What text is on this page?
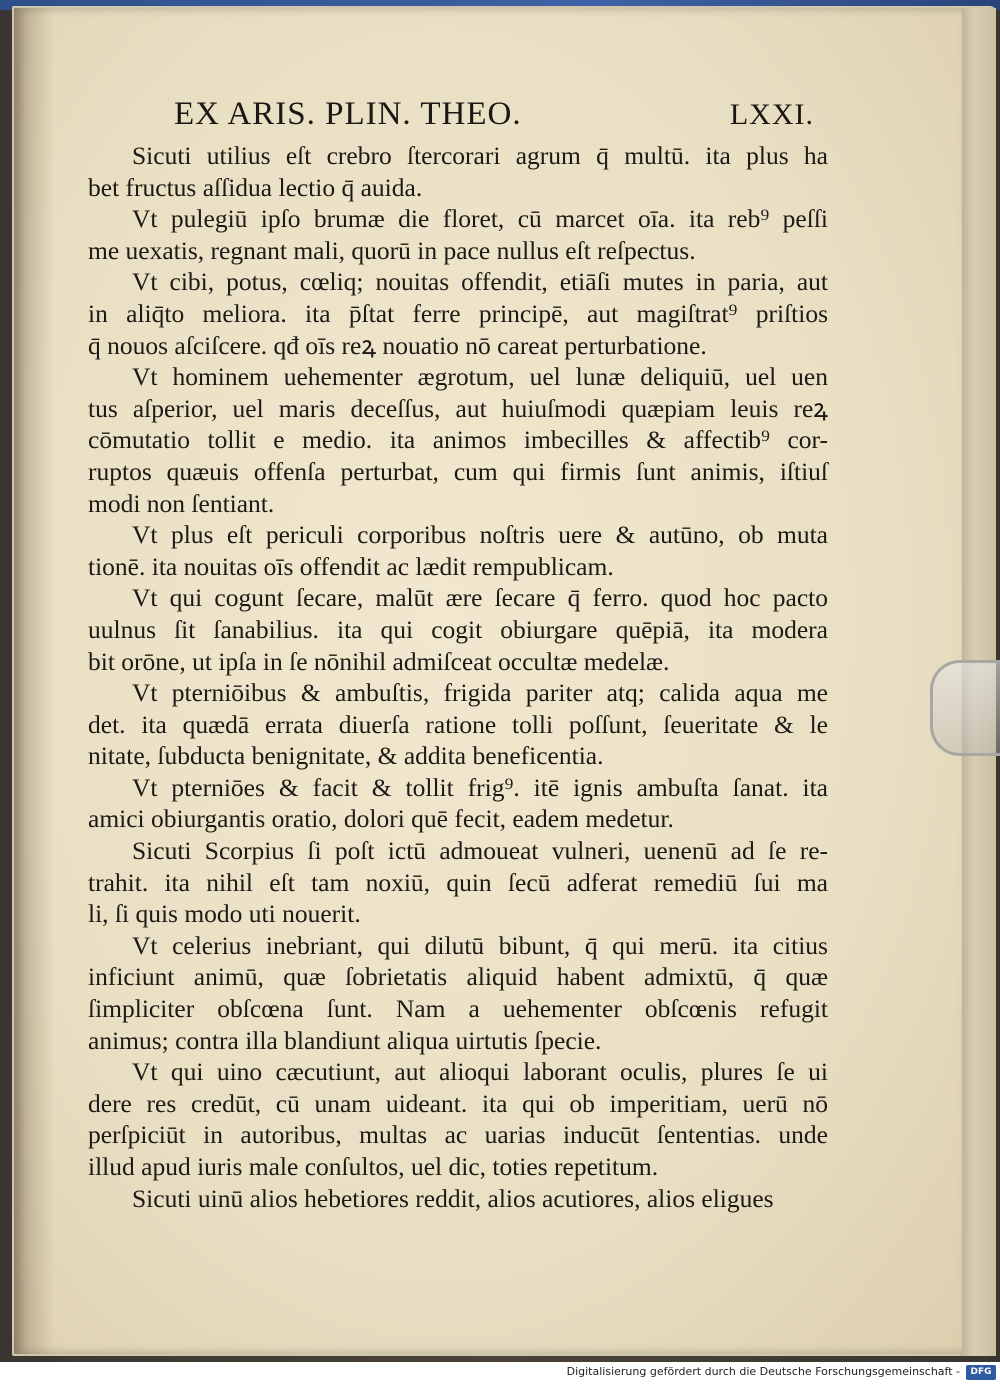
EX ARIS. PLIN. THEO.	LXXI.
Sicuti utilius eſt crebro ſtercorari agrum q̄ multū. ita plus ha
bet fructus aſſidua lectio q̄ auida.
Vt pulegiū ipſo brumæ die floret, cū marcet oīa. ita reb⁹ peſſi
me uexatis, regnant mali, quorū in pace nullus eſt reſpectus.
Vt cibi, potus, cœliq; nouitas offendit, etiāſi mutes in paria, aut
in aliq̄to meliora. ita p̄ſtat ferre principē, aut magiſtrat⁹ priſtios
q̄ nouos aſciſcere. qđ oīs reꝝ nouatio nō careat perturbatione.
Vt hominem uehementer ægrotum, uel lunæ deliquiū, uel uen
tus aſperior, uel maris deceſſus, aut huiuſmodi quæpiam leuis reꝝ
cōmutatio tollit e medio. ita animos imbecilles & affectib⁹ cor-
ruptos quæuis offenſa perturbat, cum qui firmis ſunt animis, iſtiuſ
modi non ſentiant.
Vt plus eſt periculi corporibus noſtris uere & autūno, ob muta
tionē. ita nouitas oīs offendit ac lædit rempublicam.
Vt qui cogunt ſecare, malūt ære ſecare q̄ ferro. quod hoc pacto
uulnus ſit ſanabilius. ita qui cogit obiurgare quēpiā, ita modera
bit orōne, ut ipſa in ſe nōnihil admiſceat occultæ medelæ.
Vt pterniōibus & ambuſtis, frigida pariter atq; calida aqua me
det. ita quædā errata diuerſa ratione tolli poſſunt, ſeueritate & le
nitate, ſubducta benignitate, & addita beneficentia.
Vt pterniōes & facit & tollit frig⁹. itē ignis ambuſta ſanat. ita
amici obiurgantis oratio, dolori quē fecit, eadem medetur.
Sicuti Scorpius ſi poſt ictū admoueat vulneri, uenenū ad ſe re-
trahit. ita nihil eſt tam noxiū, quin ſecū adferat remediū ſui ma
li, ſi quis modo uti nouerit.
Vt celerius inebriant, qui dilutū bibunt, q̄ qui merū. ita citius
inficiunt animū, quæ ſobrietatis aliquid habent admixtū, q̄ quæ
ſimpliciter obſcœna ſunt. Nam a uehementer obſcœnis refugit
animus; contra illa blandiunt aliqua uirtutis ſpecie.
Vt qui uino cæcutiunt, aut alioqui laborant oculis, plures ſe ui
dere res credūt, cū unam uideant. ita qui ob imperitiam, uerū nō
perſpiciūt in autoribus, multas ac uarias inducūt ſententias. unde
illud apud iuris male conſultos, uel dic, toties repetitum.
Sicuti uinū alios hebetiores reddit, alios acutiores, alios eligues
Digitalisierung gefördert durch die Deutsche Forschungsgemeinschaft -	DFG
